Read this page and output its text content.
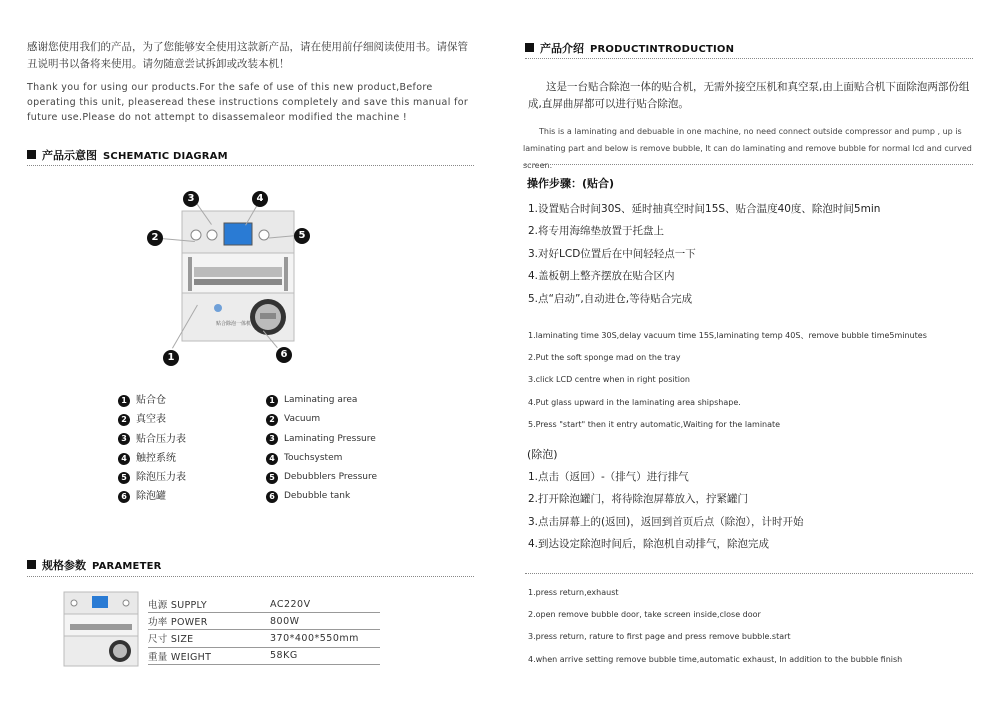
感谢您使用我们的产品，为了您能够安全使用这款新产品，请在使用前仔细阅读使用书。请保管丑说明书以备将来使用。请勿随意尝试拆卸或改装本机！
Thank you for using our products.For the safe of use of this new product,Before operating this unit, pleaseread these instructions completely and save this manual for future use.Please do not attempt to disassemaleor modified the machine !
产品示意图 SCHEMATIC DIAGRAM
贴合除泡一体机
3	4
2	5
1	6
1 贴合仓
2 真空表
3 贴合压力表
4 触控系统
5 除泡压力表
6 除泡罐
1	Laminating area
2	Vacuum
3	Laminating Pressure
4	Touchsystem
5	Debubblers Pressure
6	Debubble tank
规格参数 PARAMETER
电源 SUPPLY	AC220V
功率 POWER	800W
尺寸 SIZE	370*400*550mm
重量 WEIGHT	58KG
产品介绍 PRODUCTINTRODUCTION
这是一台贴合除泡一体的贴合机，无需外接空压机和真空泵,由上面贴合机下面除泡两部份组成,直屏曲屏都可以进行贴合除泡。
This is a laminating and debuable in one machine, no need connect outside compressor and pump , up is laminating part and below is remove bubble, It can do laminating and remove bubble for normal lcd and curved screen.
操作步骤：(贴合)
1.设置贴合时间30S、延时抽真空时间15S、贴合温度40度、除泡时间5min
2.将专用海绵垫放置于托盘上
3.对好LCD位置后在中间轻轻点一下
4.盖板朝上整齐摆放在贴合区内
5.点“启动”,自动进仓,等待贴合完成
1.laminating time 30S,delay vacuum time 15S,laminating temp 40S、remove bubble time5minutes
2.Put the soft sponge mad on the tray
3.click LCD centre when in right position
4.Put glass upward in the laminating area shipshape.
5.Press "start" then it entry automatic,Waiting for the laminate
(除泡)
1.点击（返回）-（排气）进行排气
2.打开除泡罐门，将待除泡屏幕放入，拧紧罐门
3.点击屏幕上的(返回)，返回到首页后点（除泡），计时开始
4.到达设定除泡时间后，除泡机自动排气，除泡完成
1.press return,exhaust
2.open remove bubble door, take screen inside,close door
3.press return, rature to first page and press remove bubble.start
4.when arrive setting remove bubble time,automatic exhaust, In addition to the bubble finish
